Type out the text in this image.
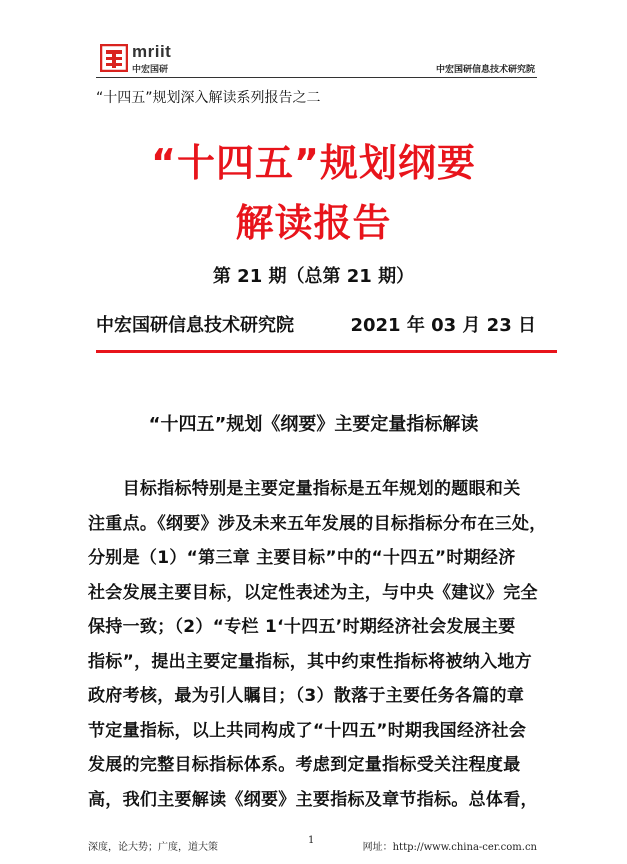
mriit
中宏国研	中宏国研信息技术研究院
“十四五”规划深入解读系列报告之二
“十四五”规划纲要
解读报告
第 21 期（总第 21 期）
中宏国研信息技术研究院	2021 年 03 月 23 日
“十四五”规划《纲要》主要定量指标解读
　　目标指标特别是主要定量指标是五年规划的题眼和关
注重点。《纲要》涉及未来五年发展的目标指标分布在三处，
分别是（1）“第三章 主要目标”中的“十四五”时期经济
社会发展主要目标，以定性表述为主，与中央《建议》完全
保持一致；（2）“专栏 1‘十四五’时期经济社会发展主要
指标”，提出主要定量指标，其中约束性指标将被纳入地方
政府考核，最为引人瞩目；（3）散落于主要任务各篇的章
节定量指标，以上共同构成了“十四五”时期我国经济社会
发展的完整目标指标体系。考虑到定量指标受关注程度最
高，我们主要解读《纲要》主要指标及章节指标。总体看，
深度，论大势；广度，道大策
1
网址：http://www.china-cer.com.cn
